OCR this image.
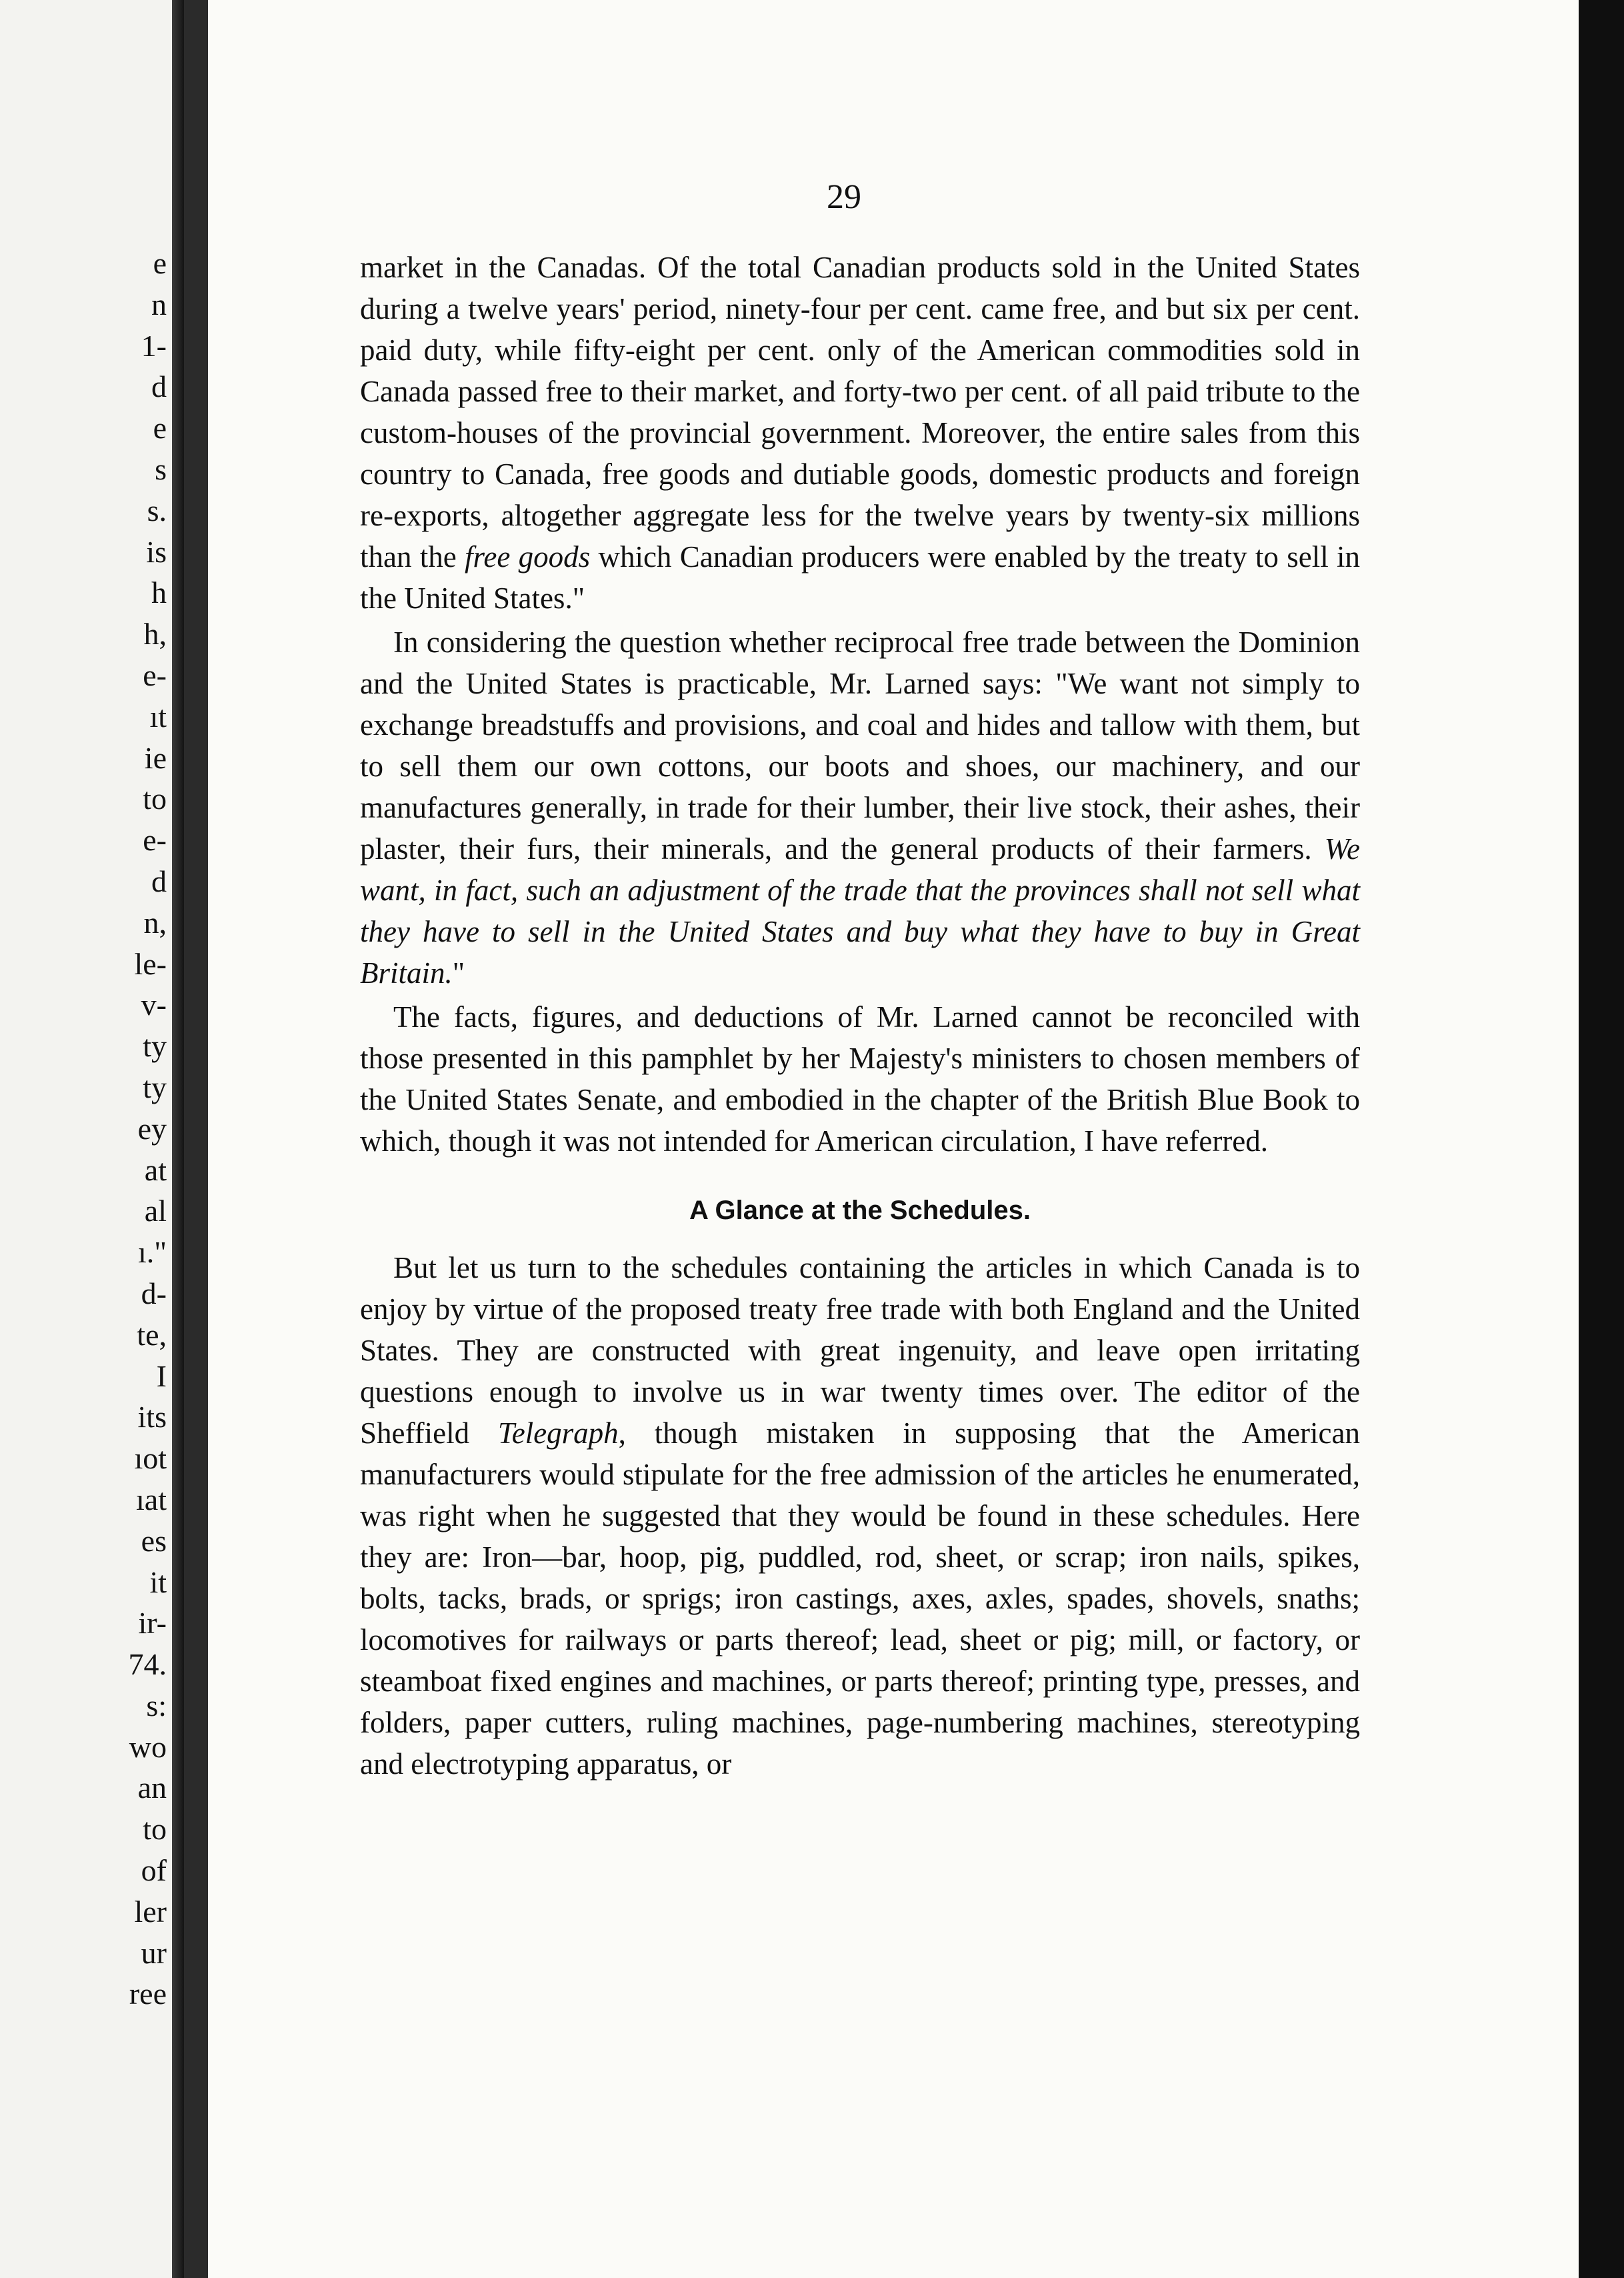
e
n
1-
d
e
s
s.
is
h
h,
e-
ıt
ie
to
e-
d
n,
le-
v-
ty
ty
ey
at
al
ı."
d-
te,
I
its
ıot
ıat
es
it
ir-
74.
s:
wo
an
to
of
ler
ur
ree
29

market in the Canadas. Of the total Canadian products sold in the United States during a twelve years' period, ninety-four per cent. came free, and but six per cent. paid duty, while fifty-eight per cent. only of the American commodities sold in Canada passed free to their market, and forty-two per cent. of all paid tribute to the custom-houses of the provincial government. Moreover, the entire sales from this country to Canada, free goods and dutiable goods, domestic products and foreign re-exports, altogether aggregate less for the twelve years by twenty-six millions than the free goods which Canadian producers were enabled by the treaty to sell in the United States."

In considering the question whether reciprocal free trade between the Dominion and the United States is practicable, Mr. Larned says: "We want not simply to exchange breadstuffs and provisions, and coal and hides and tallow with them, but to sell them our own cottons, our boots and shoes, our machinery, and our manufactures generally, in trade for their lumber, their live stock, their ashes, their plaster, their furs, their minerals, and the general products of their farmers. We want, in fact, such an adjustment of the trade that the provinces shall not sell what they have to sell in the United States and buy what they have to buy in Great Britain."

The facts, figures, and deductions of Mr. Larned cannot be reconciled with those presented in this pamphlet by her Majesty's ministers to chosen members of the United States Senate, and embodied in the chapter of the British Blue Book to which, though it was not intended for American circulation, I have referred.

A Glance at the Schedules.

But let us turn to the schedules containing the articles in which Canada is to enjoy by virtue of the proposed treaty free trade with both England and the United States. They are constructed with great ingenuity, and leave open irritating questions enough to involve us in war twenty times over. The editor of the Sheffield Telegraph, though mistaken in supposing that the American manufacturers would stipulate for the free admission of the articles he enumerated, was right when he suggested that they would be found in these schedules. Here they are: Iron—bar, hoop, pig, puddled, rod, sheet, or scrap; iron nails, spikes, bolts, tacks, brads, or sprigs; iron castings, axes, axles, spades, shovels, snaths; locomotives for railways or parts thereof; lead, sheet or pig; mill, or factory, or steamboat fixed engines and machines, or parts thereof; printing type, presses, and folders, paper cutters, ruling machines, page-numbering machines, stereotyping and electrotyping apparatus, or
